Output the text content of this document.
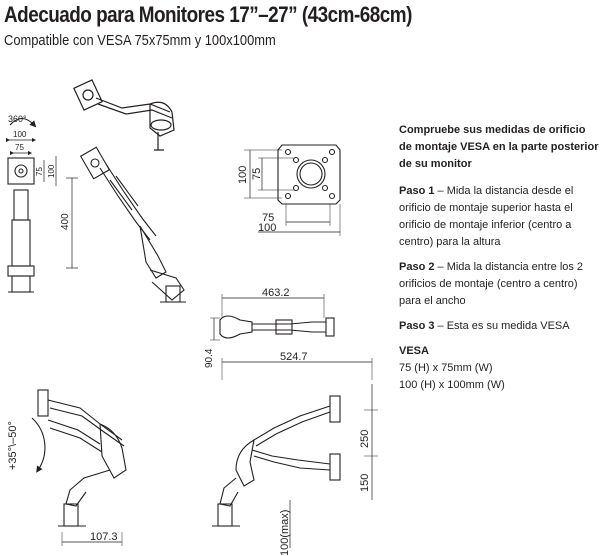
Adecuado para Monitores 17”–27” (43cm-68cm)
Compatible con VESA 75x75mm y 100x100mm
360°
100
75
75 100
400
100 75
75
100
463.2
90.4	524.7
+35°\–50°
107.3
250
150
100(max)
Compruebe sus medidas de orificio de montaje VESA en la parte posterior de su monitor
Paso 1 – Mida la distancia desde el orificio de montaje superior hasta el orificio de montaje inferior (centro a centro) para la altura
Paso 2 – Mida la distancia entre los 2 orificios de montaje (centro a centro) para el ancho
Paso 3 – Esta es su medida VESA
VESA
75 (H) x 75mm (W)
100 (H) x 100mm (W)
